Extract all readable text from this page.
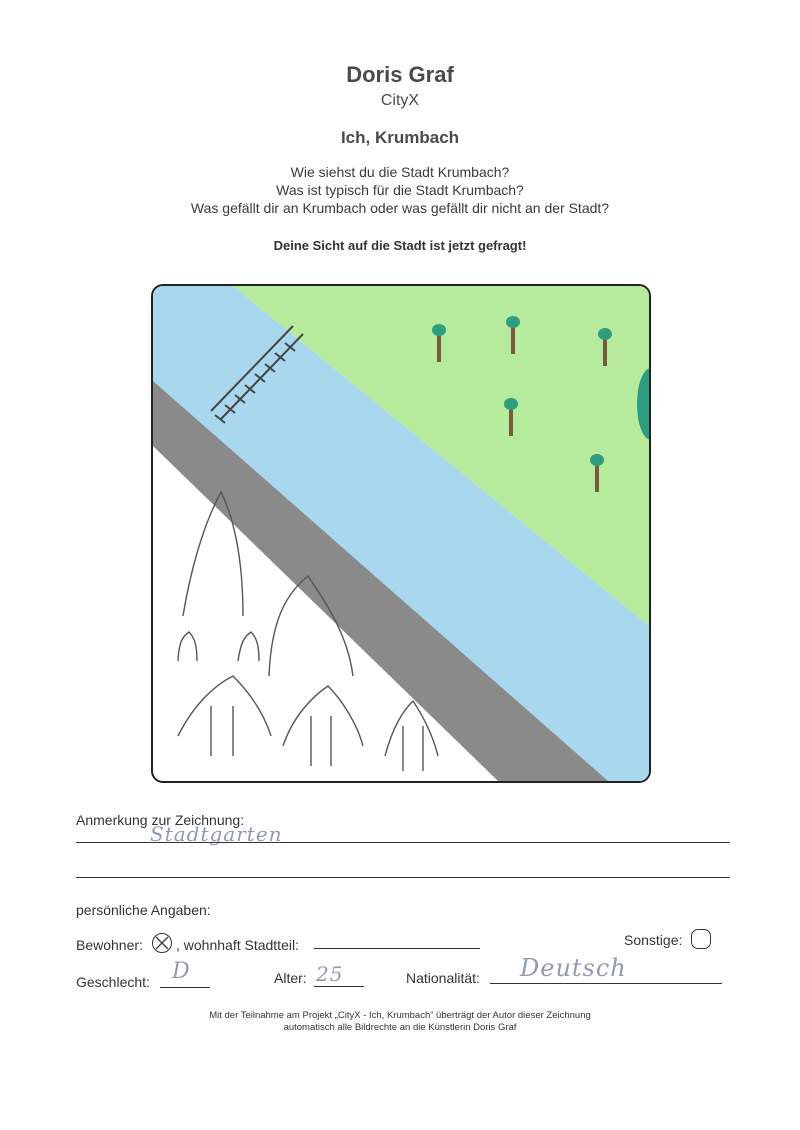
Doris Graf
CityX
Ich, Krumbach
Wie siehst du die Stadt Krumbach?
Was ist typisch für die Stadt Krumbach?
Was gefällt dir an Krumbach oder was gefällt dir nicht an der Stadt?
Deine Sicht auf die Stadt ist jetzt gefragt!
Anmerkung zur Zeichnung:
Stadtgarten
persönliche Angaben:
Bewohner: , wohnhaft Stadtteil:	Sonstige:
Geschlecht: D	Alter: 25	Nationalität: Deutsch
Mit der Teilnahme am Projekt „CityX - Ich, Krumbach“ überträgt der Autor dieser Zeichnung
automatisch alle Bildrechte an die Künstlerin Doris Graf
